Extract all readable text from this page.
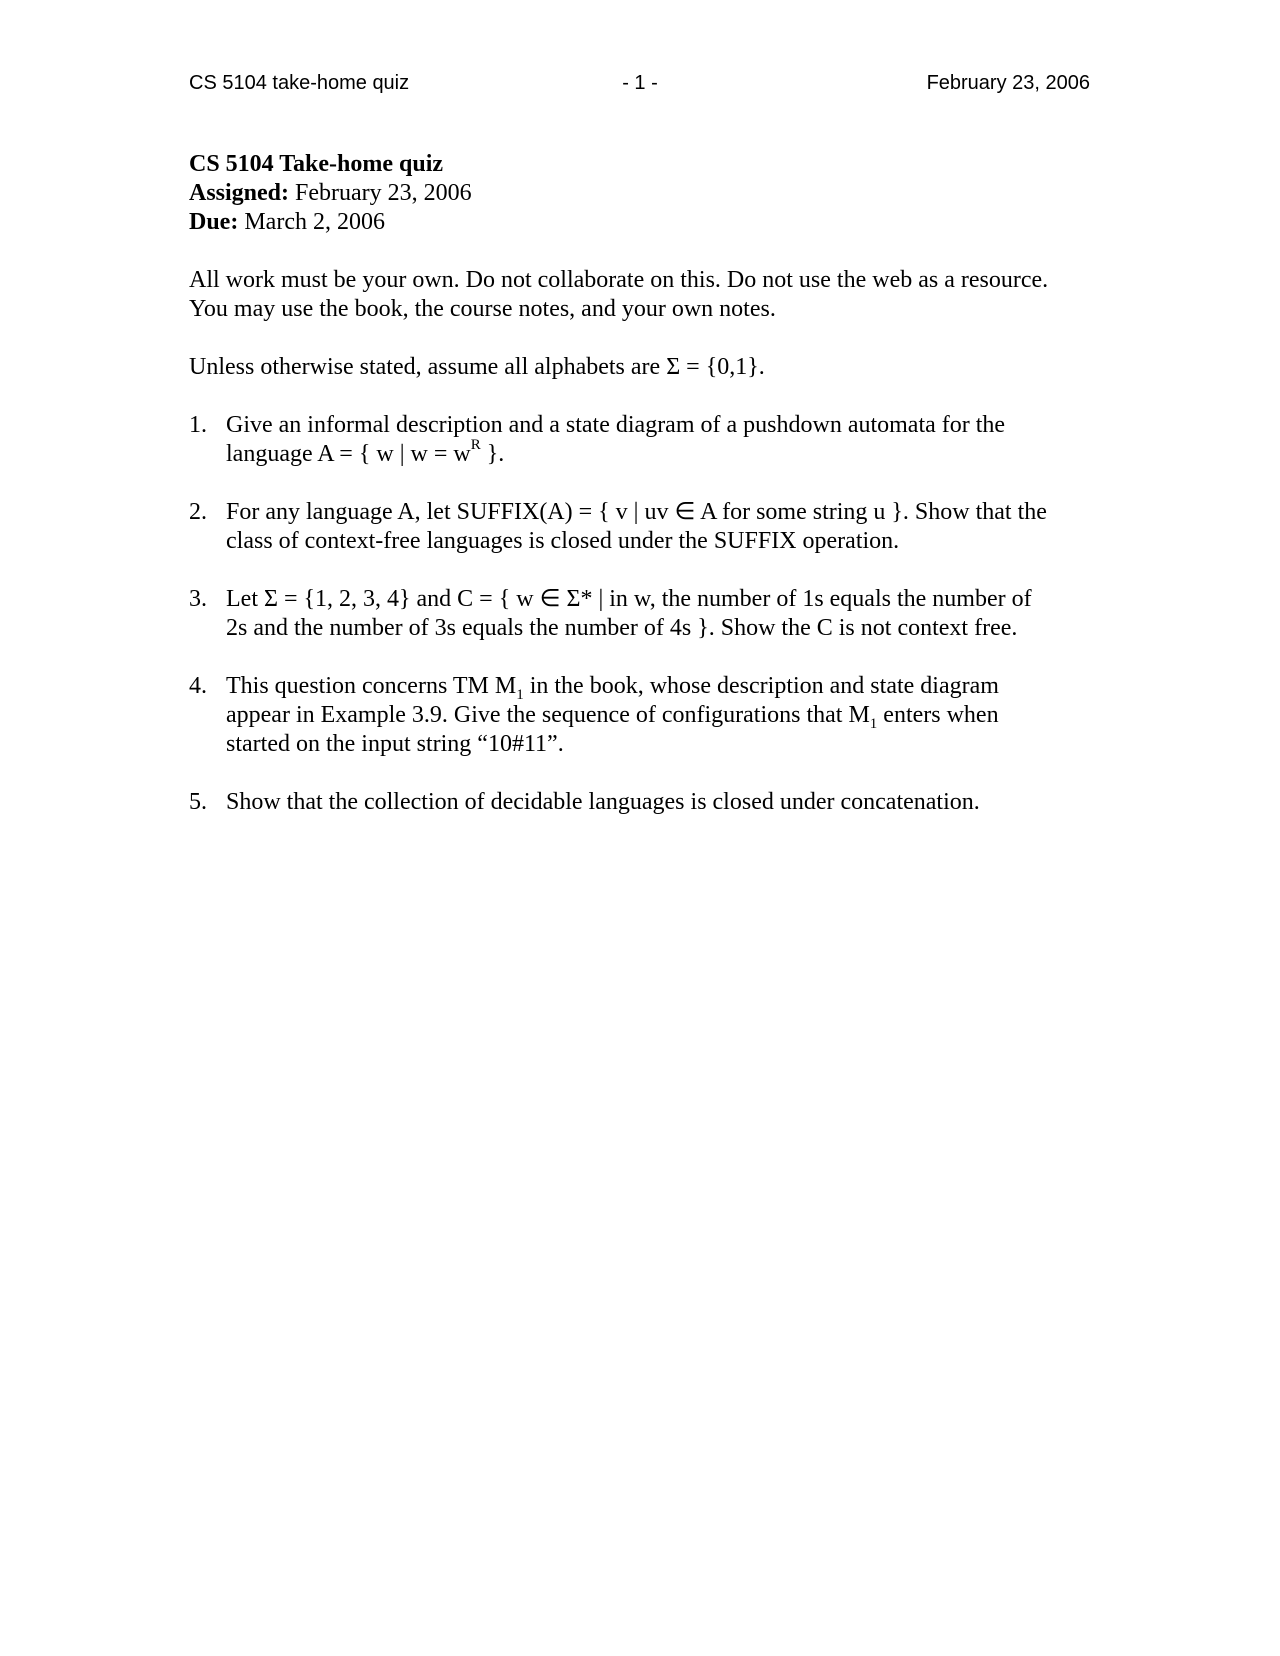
CS 5104 take-home quiz	- 1 -	February 23, 2006
CS 5104 Take-home quiz
Assigned: February 23, 2006
Due: March 2, 2006
All work must be your own. Do not collaborate on this. Do not use the web as a resource.
You may use the book, the course notes, and your own notes.
Unless otherwise stated, assume all alphabets are Σ = {0,1}.
1. Give an informal description and a state diagram of a pushdown automata for the
language A = { w | $w = w^R$ }.
2. For any language A, let SUFFIX(A) = { v | uv ∈ A for some string u }. Show that the
class of context-free languages is closed under the SUFFIX operation.
3. Let Σ = {1, 2, 3, 4} and C = { w ∈ Σ* | in w, the number of 1s equals the number of
2s and the number of 3s equals the number of 4s }. Show the C is not context free.
4. This question concerns TM $M_1$ in the book, whose description and state diagram
appear in Example 3.9. Give the sequence of configurations that $M_1$ enters when
started on the input string “10#11”.
5. Show that the collection of decidable languages is closed under concatenation.
